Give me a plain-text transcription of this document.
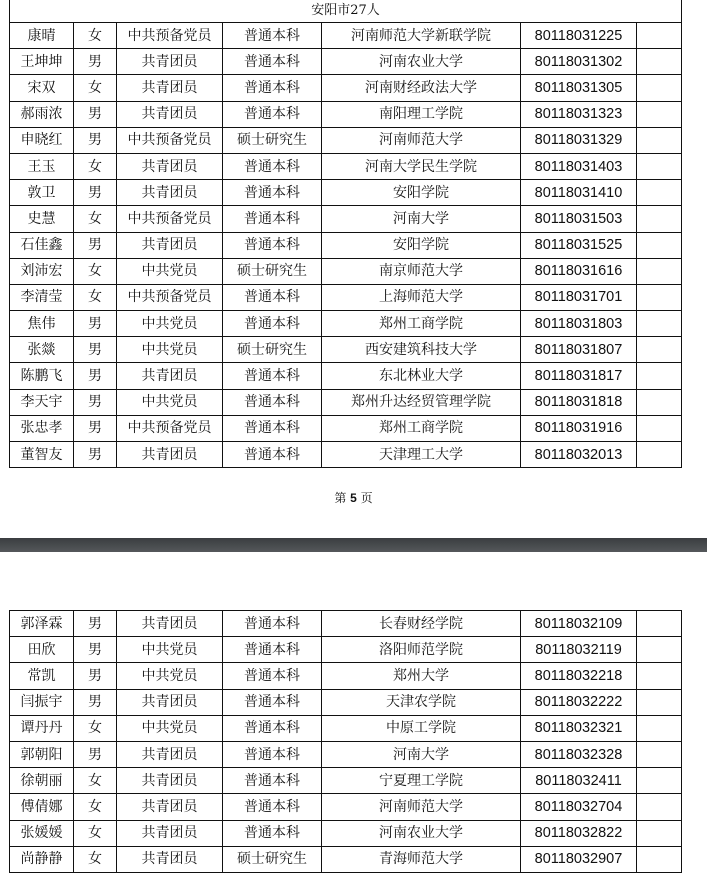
安阳市27人						
康晴	女	中共预备党员	普通本科	河南师范大学新联学院	80118031225	
王坤坤	男	共青团员	普通本科	河南农业大学	80118031302	
宋双	女	共青团员	普通本科	河南财经政法大学	80118031305	
郝雨浓	男	共青团员	普通本科	南阳理工学院	80118031323	
申晓红	男	中共预备党员	硕士研究生	河南师范大学	80118031329	
王玉	女	共青团员	普通本科	河南大学民生学院	80118031403	
敦卫	男	共青团员	普通本科	安阳学院	80118031410	
史慧	女	中共预备党员	普通本科	河南大学	80118031503	
石佳鑫	男	共青团员	普通本科	安阳学院	80118031525	
刘沛宏	女	中共党员	硕士研究生	南京师范大学	80118031616	
李清莹	女	中共预备党员	普通本科	上海师范大学	80118031701	
焦伟	男	中共党员	普通本科	郑州工商学院	80118031803	
张燚	男	中共党员	硕士研究生	西安建筑科技大学	80118031807	
陈鹏飞	男	共青团员	普通本科	东北林业大学	80118031817	
李天宇	男	中共党员	普通本科	郑州升达经贸管理学院	80118031818	
张忠孝	男	中共预备党员	普通本科	郑州工商学院	80118031916	
董智友	男	共青团员	普通本科	天津理工大学	80118032013	
第 5 页
郭泽霖	男	共青团员	普通本科	长春财经学院	80118032109	
田欣	男	中共党员	普通本科	洛阳师范学院	80118032119	
常凯	男	中共党员	普通本科	郑州大学	80118032218	
闫振宇	男	共青团员	普通本科	天津农学院	80118032222	
谭丹丹	女	中共党员	普通本科	中原工学院	80118032321	
郭朝阳	男	共青团员	普通本科	河南大学	80118032328	
徐朝丽	女	共青团员	普通本科	宁夏理工学院	80118032411	
傅倩娜	女	共青团员	普通本科	河南师范大学	80118032704	
张媛媛	女	共青团员	普通本科	河南农业大学	80118032822	
尚静静	女	共青团员	硕士研究生	青海师范大学	80118032907	
